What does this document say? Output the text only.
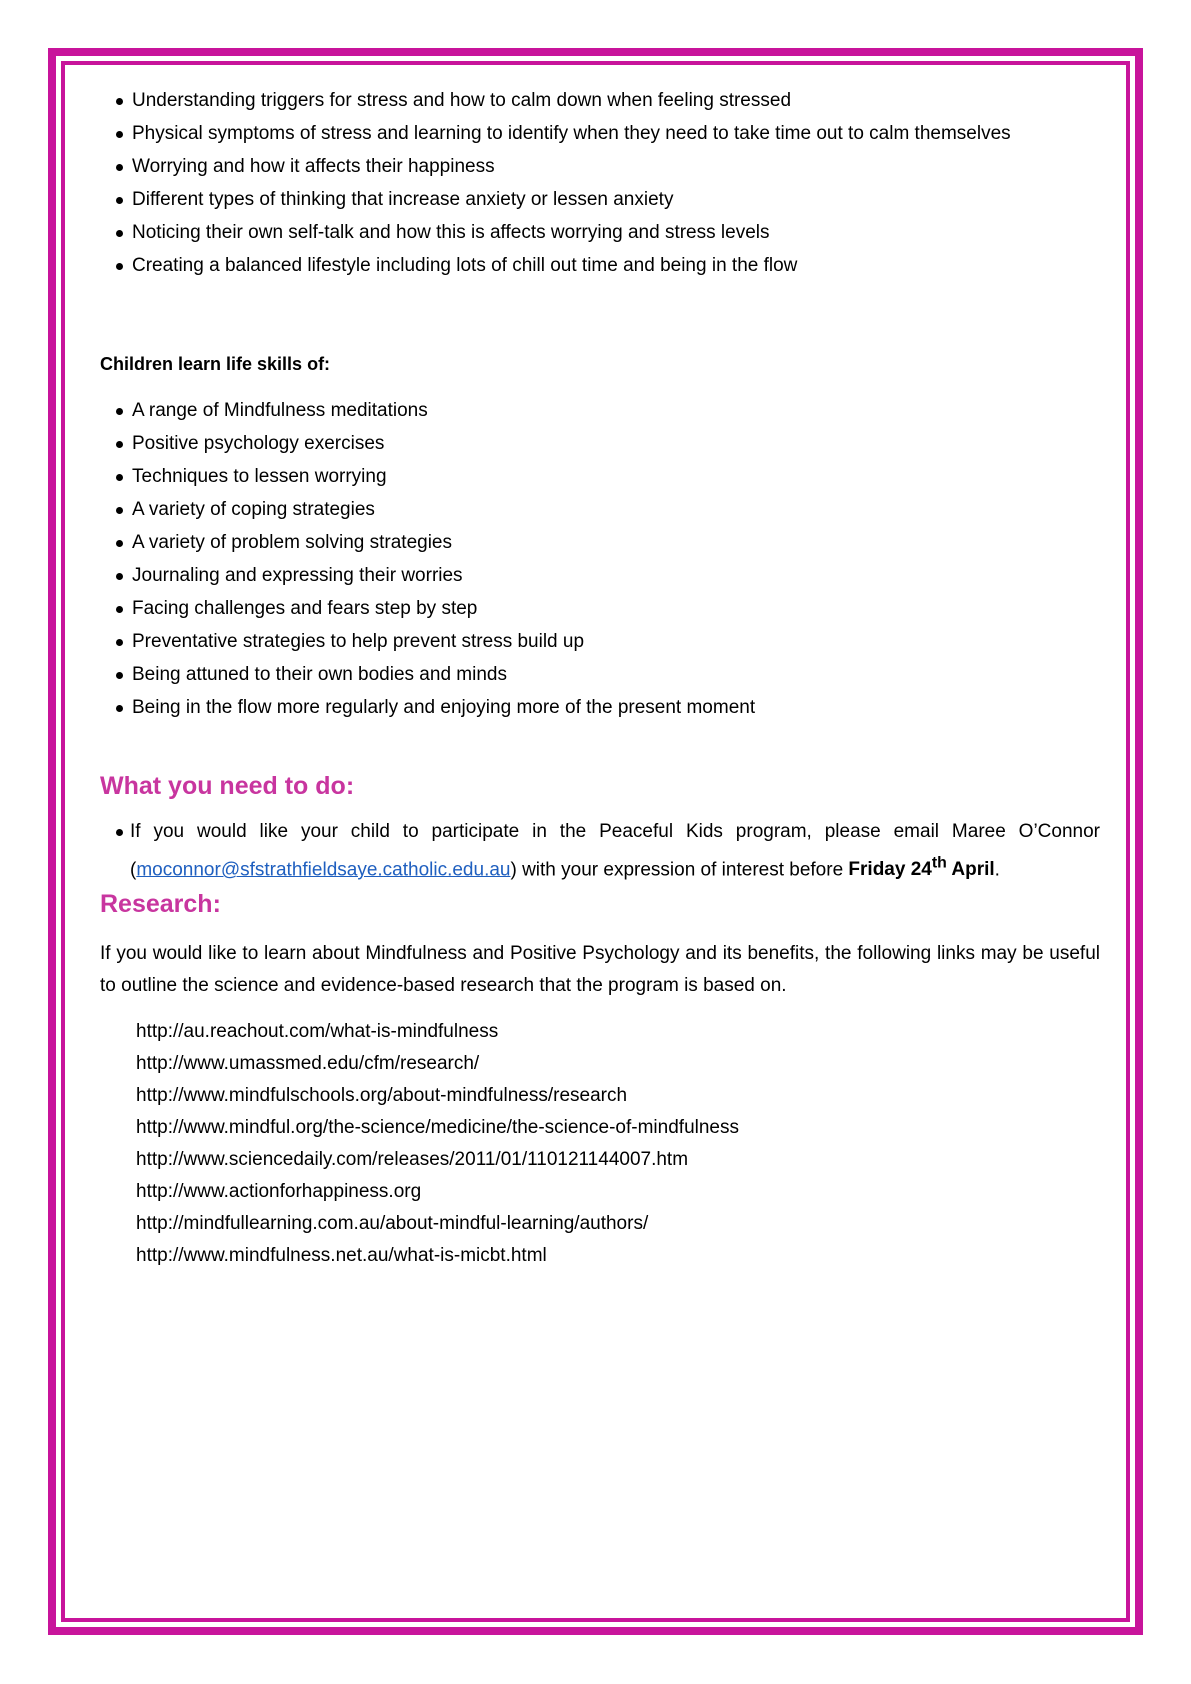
Understanding triggers for stress and how to calm down when feeling stressed
Physical symptoms of stress and learning to identify when they need to take time out to calm themselves
Worrying and how it affects their happiness
Different types of thinking that increase anxiety or lessen anxiety
Noticing their own self-talk and how this is affects worrying and stress levels
Creating a balanced lifestyle including lots of chill out time and being in the flow
Children learn life skills of:
A range of Mindfulness meditations
Positive psychology exercises
Techniques to lessen worrying
A variety of coping strategies
A variety of problem solving strategies
Journaling and expressing their worries
Facing challenges and fears step by step
Preventative strategies to help prevent stress build up
Being attuned to their own bodies and minds
Being in the flow more regularly and enjoying more of the present moment
What you need to do:
If you would like your child to participate in the Peaceful Kids program, please email Maree O’Connor (moconnor@sfstrathfieldsaye.catholic.edu.au) with your expression of interest before Friday 24th April.
Research:

If you would like to learn about Mindfulness and Positive Psychology and its benefits, the following links may be useful to outline the science and evidence-based research that the program is based on.

http://au.reachout.com/what-is-mindfulness
http://www.umassmed.edu/cfm/research/
http://www.mindfulschools.org/about-mindfulness/research
http://www.mindful.org/the-science/medicine/the-science-of-mindfulness
http://www.sciencedaily.com/releases/2011/01/110121144007.htm
http://www.actionforhappiness.org
http://mindfullearning.com.au/about-mindful-learning/authors/
http://www.mindfulness.net.au/what-is-micbt.html
